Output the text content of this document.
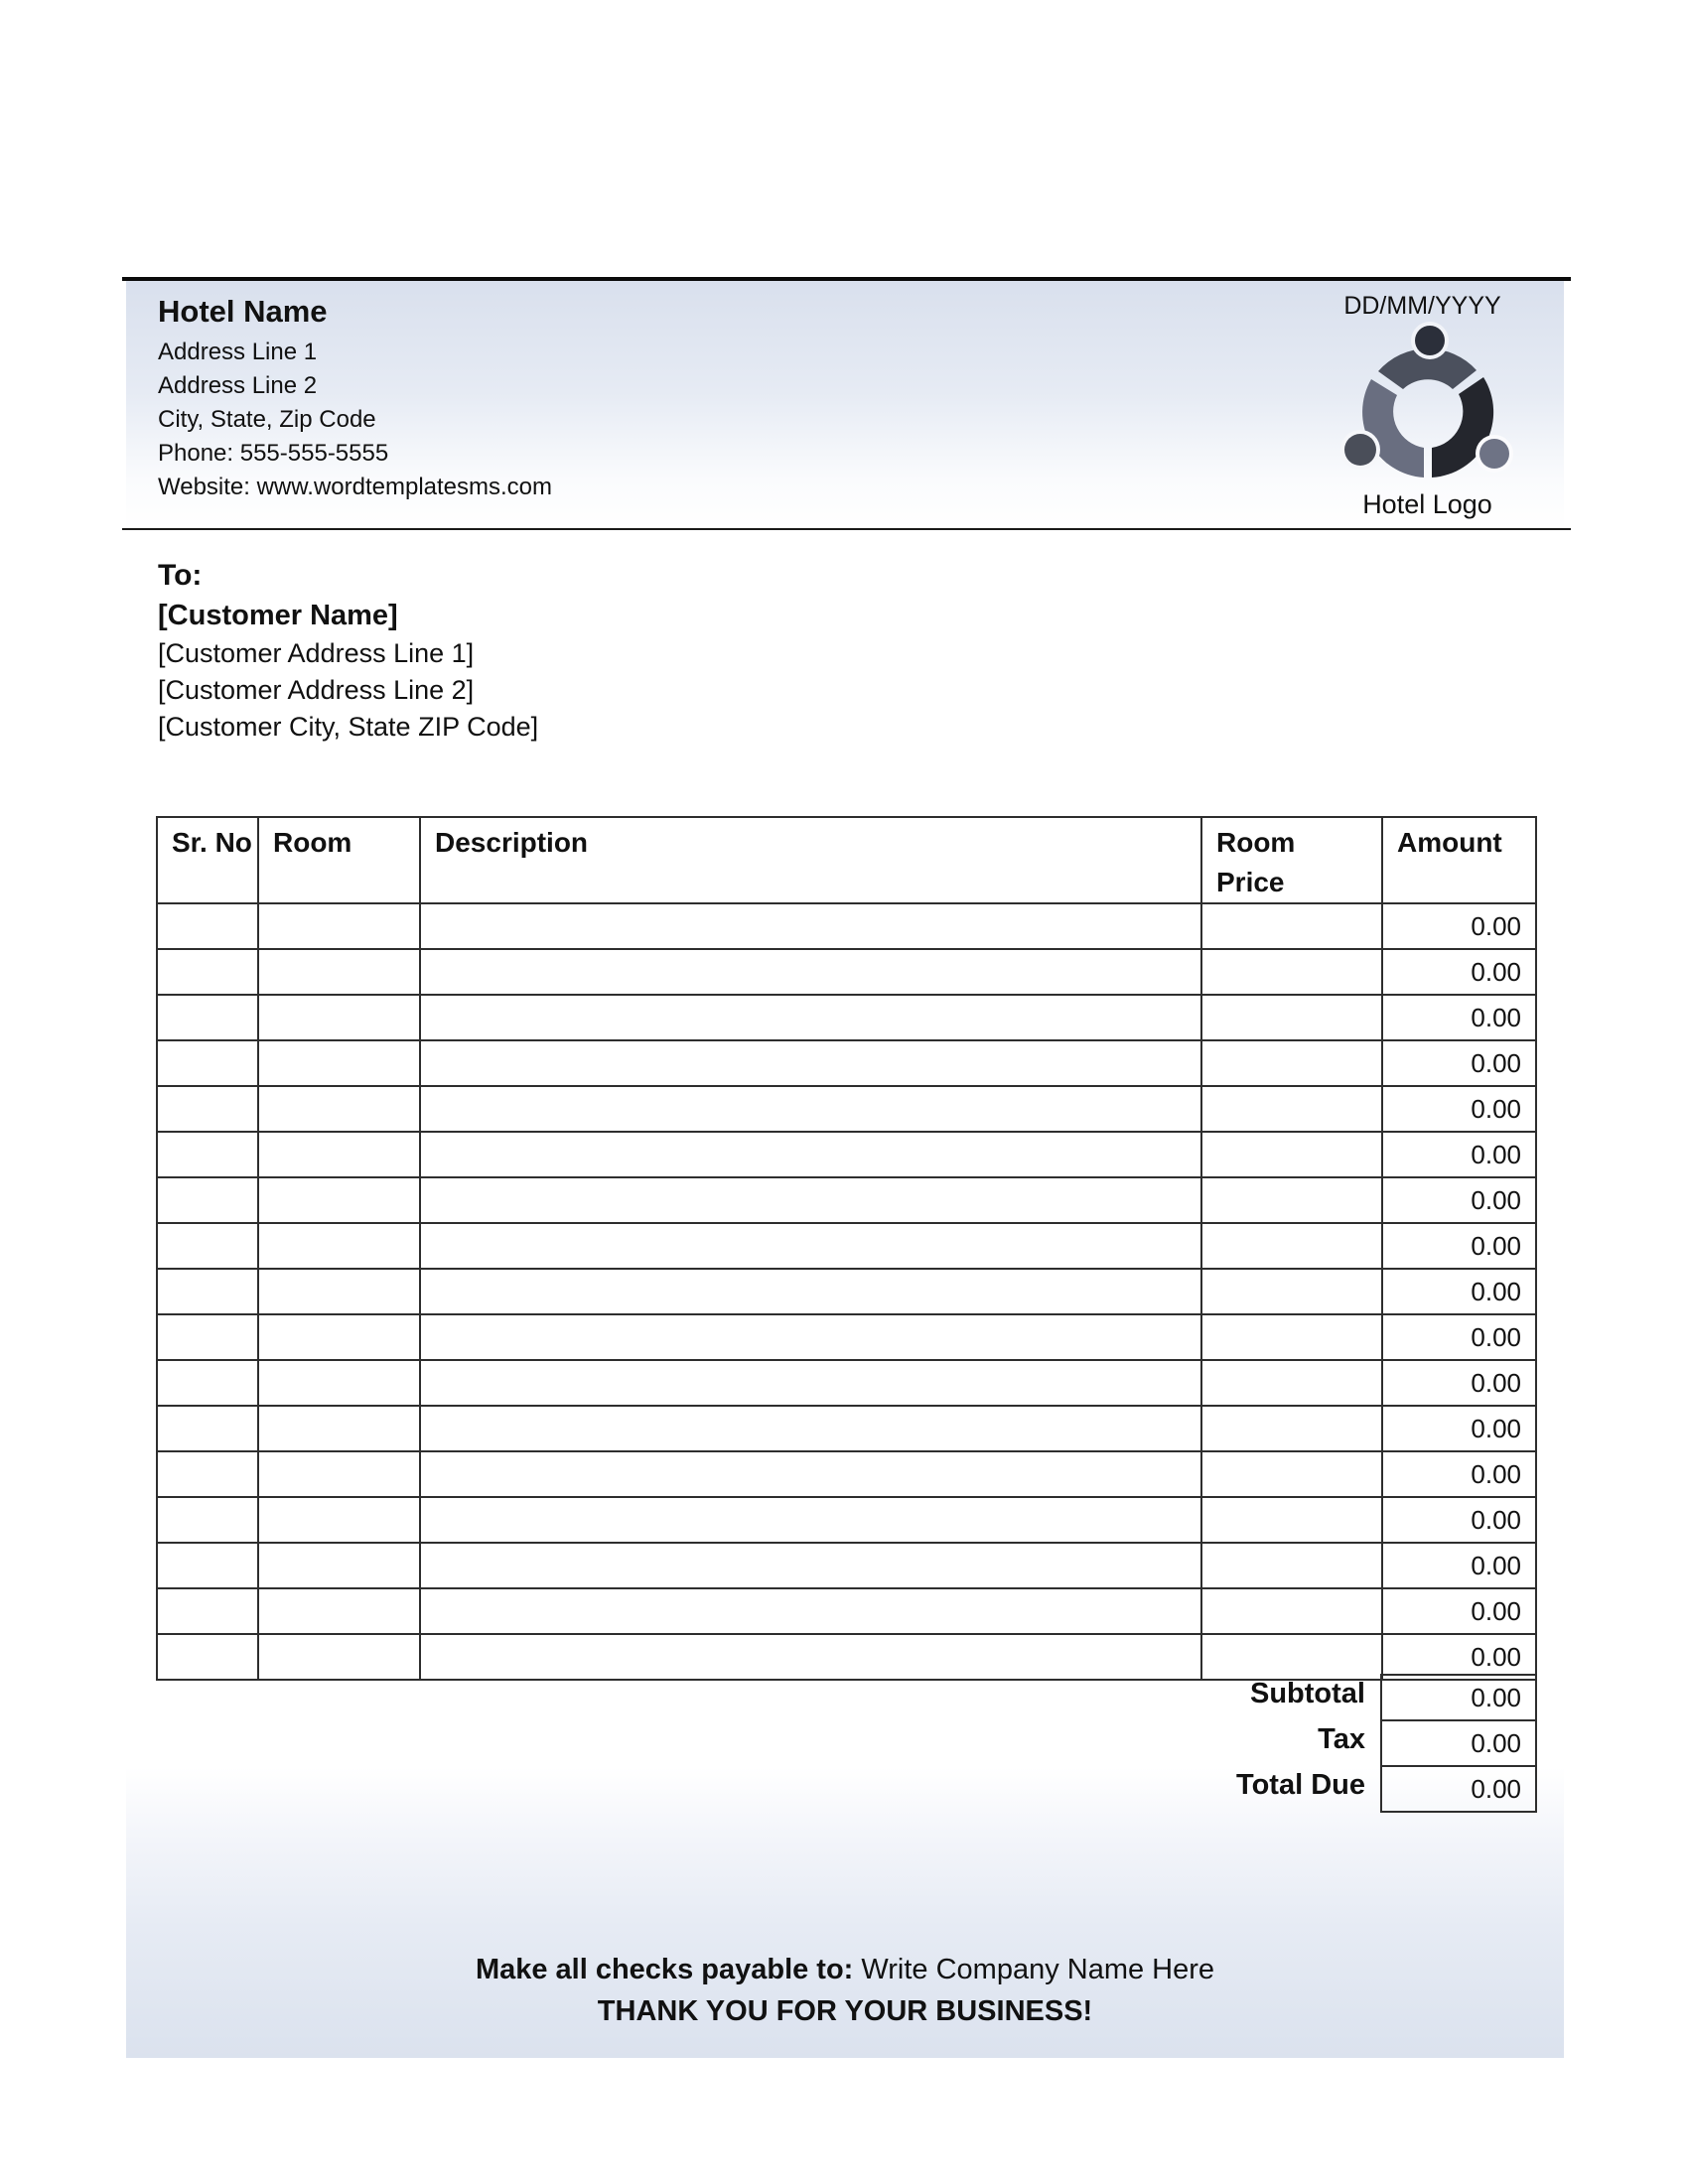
Hotel Name
Address Line 1
Address Line 2
City, State, Zip Code
Phone: 555-555-5555
Website: www.wordtemplatesms.com
DD/MM/YYYY
Hotel Logo
To:
[Customer Name]
[Customer Address Line 1]
[Customer Address Line 2]
[Customer City, State ZIP Code]
Sr. No	Room	Description	Room Price	Amount
				0.00
				0.00
				0.00
				0.00
				0.00
				0.00
				0.00
				0.00
				0.00
				0.00
				0.00
				0.00
				0.00
				0.00
				0.00
				0.00
				0.00
Subtotal	0.00
Tax	0.00
Total Due	0.00
Make all checks payable to: Write Company Name Here
THANK YOU FOR YOUR BUSINESS!
